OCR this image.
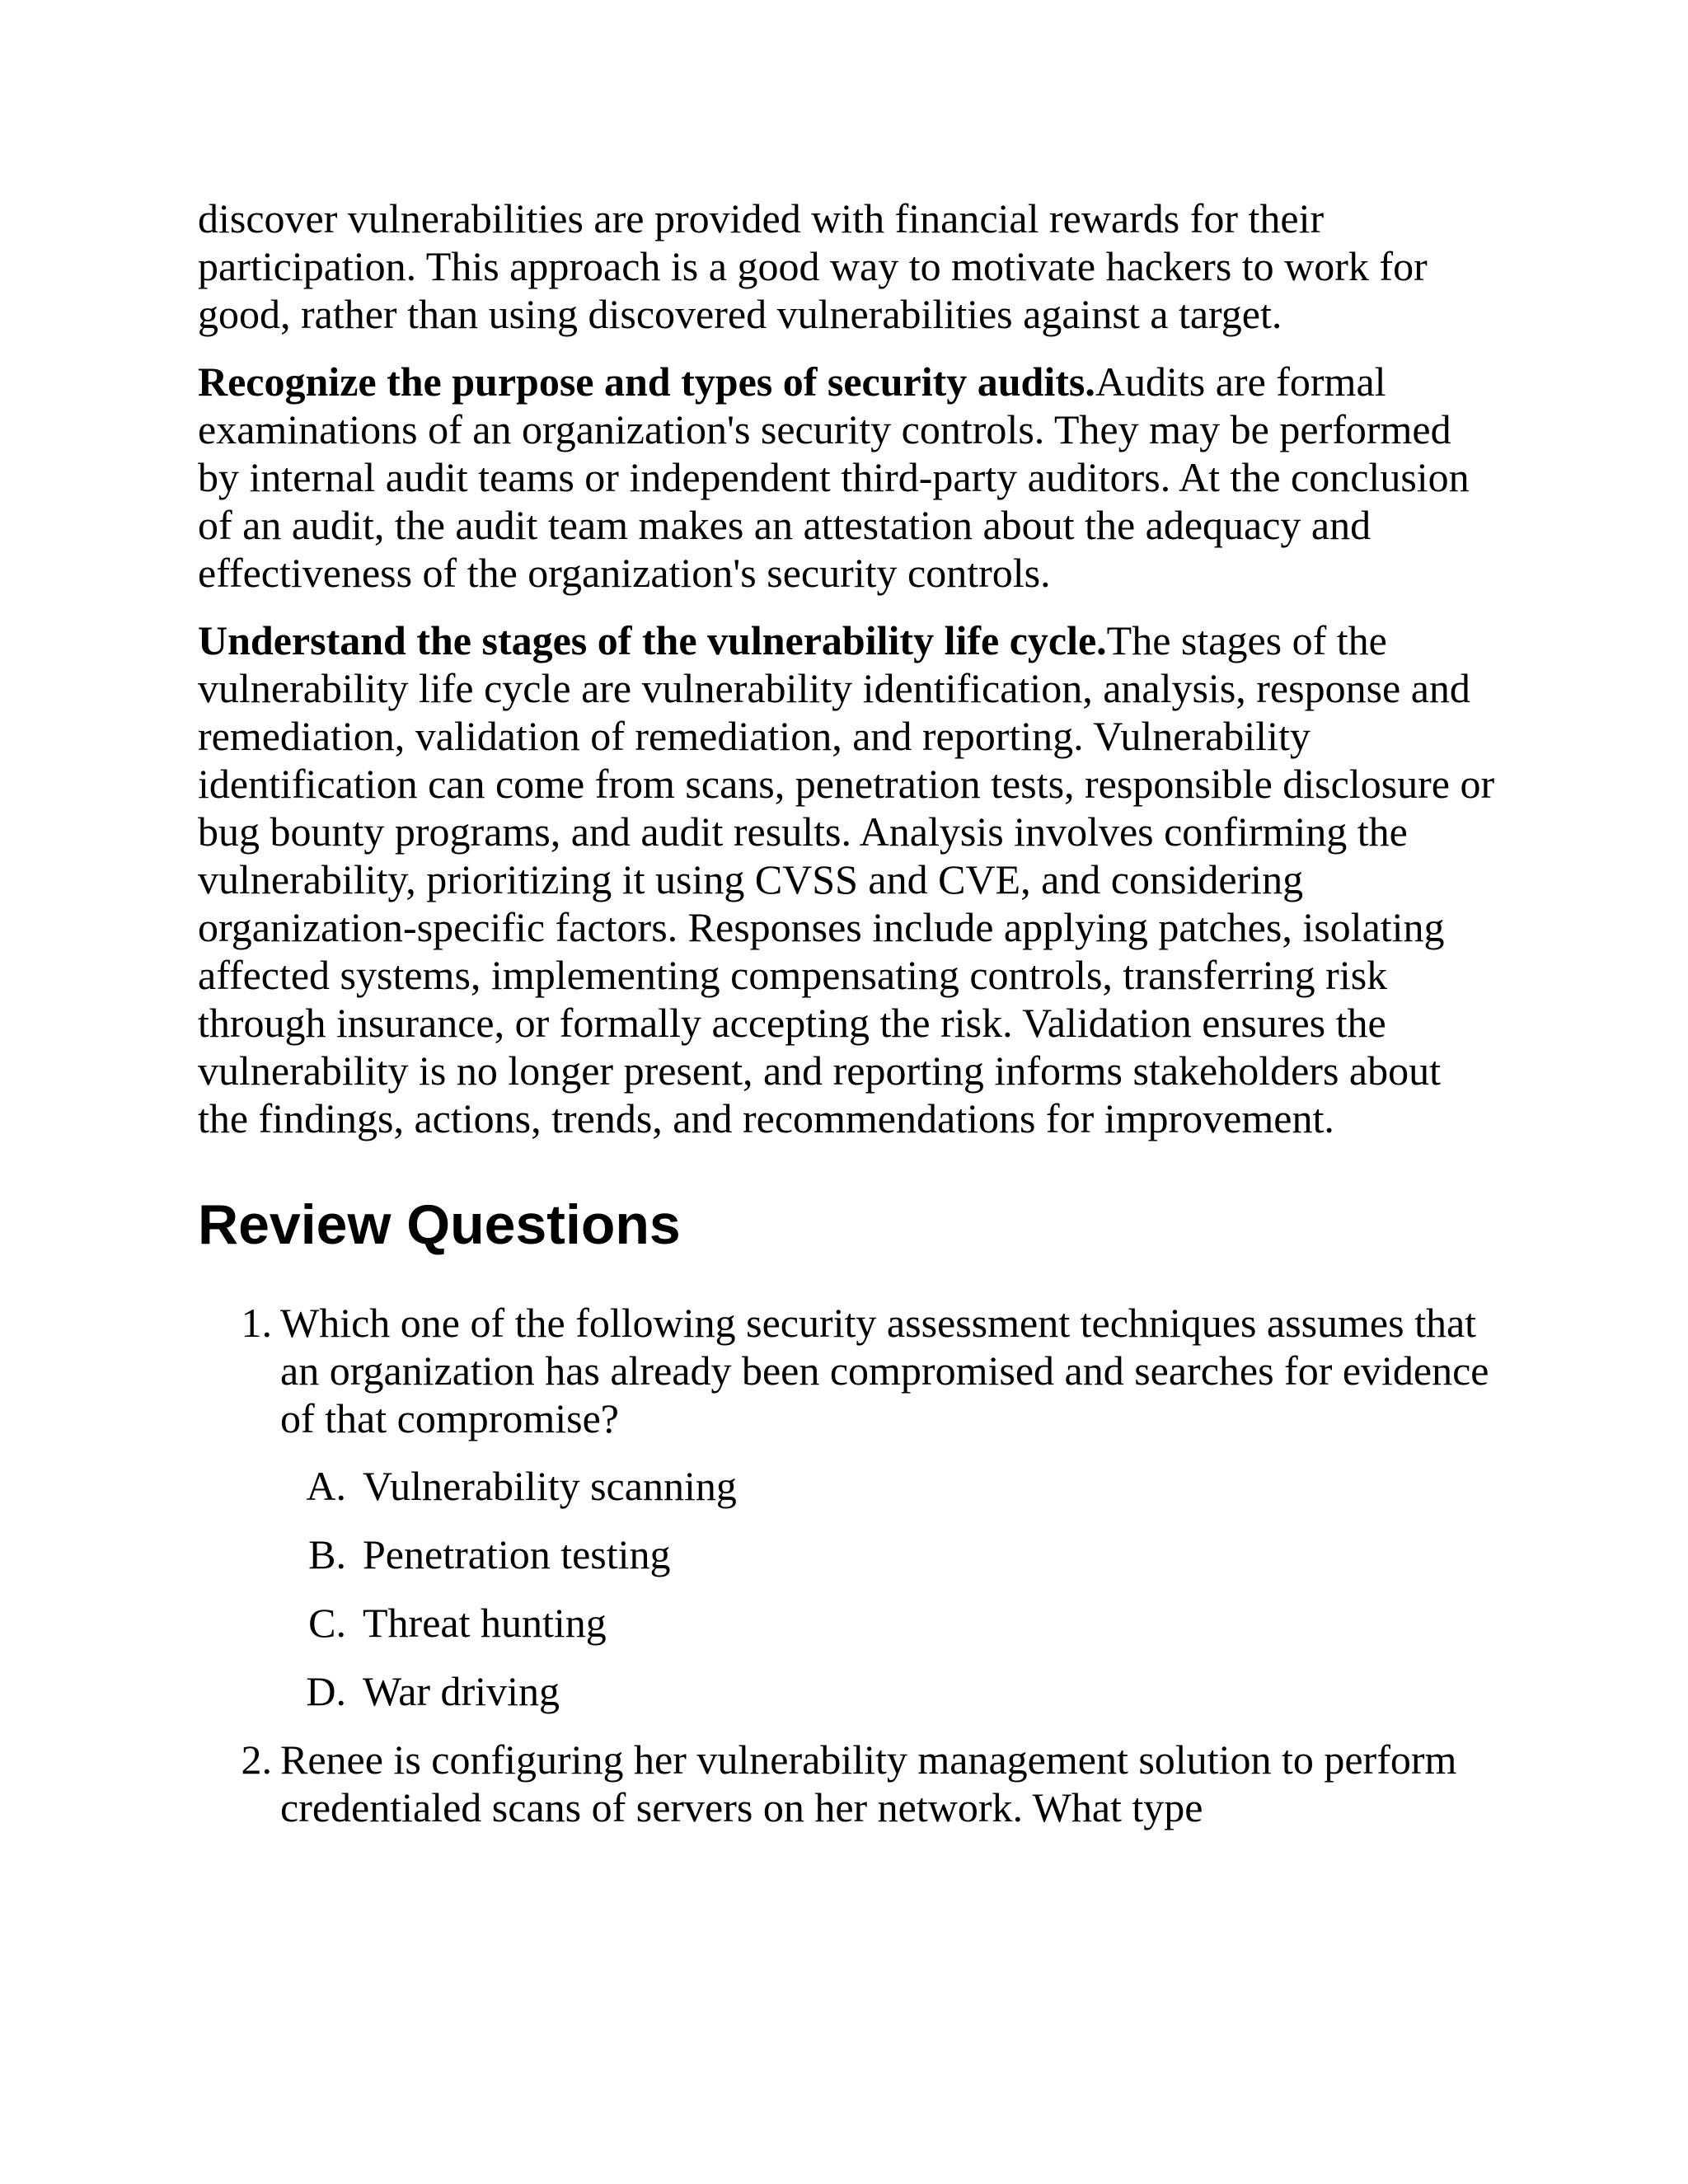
discover vulnerabilities are provided with financial rewards for their participation. This approach is a good way to motivate hackers to work for good, rather than using discovered vulnerabilities against a target.

Recognize the purpose and types of security audits.Audits are formal examinations of an organization's security controls. They may be performed by internal audit teams or independent third-party auditors. At the conclusion of an audit, the audit team makes an attestation about the adequacy and effectiveness of the organization's security controls.

Understand the stages of the vulnerability life cycle.The stages of the vulnerability life cycle are vulnerability identification, analysis, response and remediation, validation of remediation, and reporting. Vulnerability identification can come from scans, penetration tests, responsible disclosure or bug bounty programs, and audit results. Analysis involves confirming the vulnerability, prioritizing it using CVSS and CVE, and considering organization-specific factors. Responses include applying patches, isolating affected systems, implementing compensating controls, transferring risk through insurance, or formally accepting the risk. Validation ensures the vulnerability is no longer present, and reporting informs stakeholders about the findings, actions, trends, and recommendations for improvement.

Review Questions
1. Which one of the following security assessment techniques assumes that an organization has already been compromised and searches for evidence of that compromise?
A. Vulnerability scanning
B. Penetration testing
C. Threat hunting
D. War driving
2. Renee is configuring her vulnerability management solution to perform credentialed scans of servers on her network. What type
